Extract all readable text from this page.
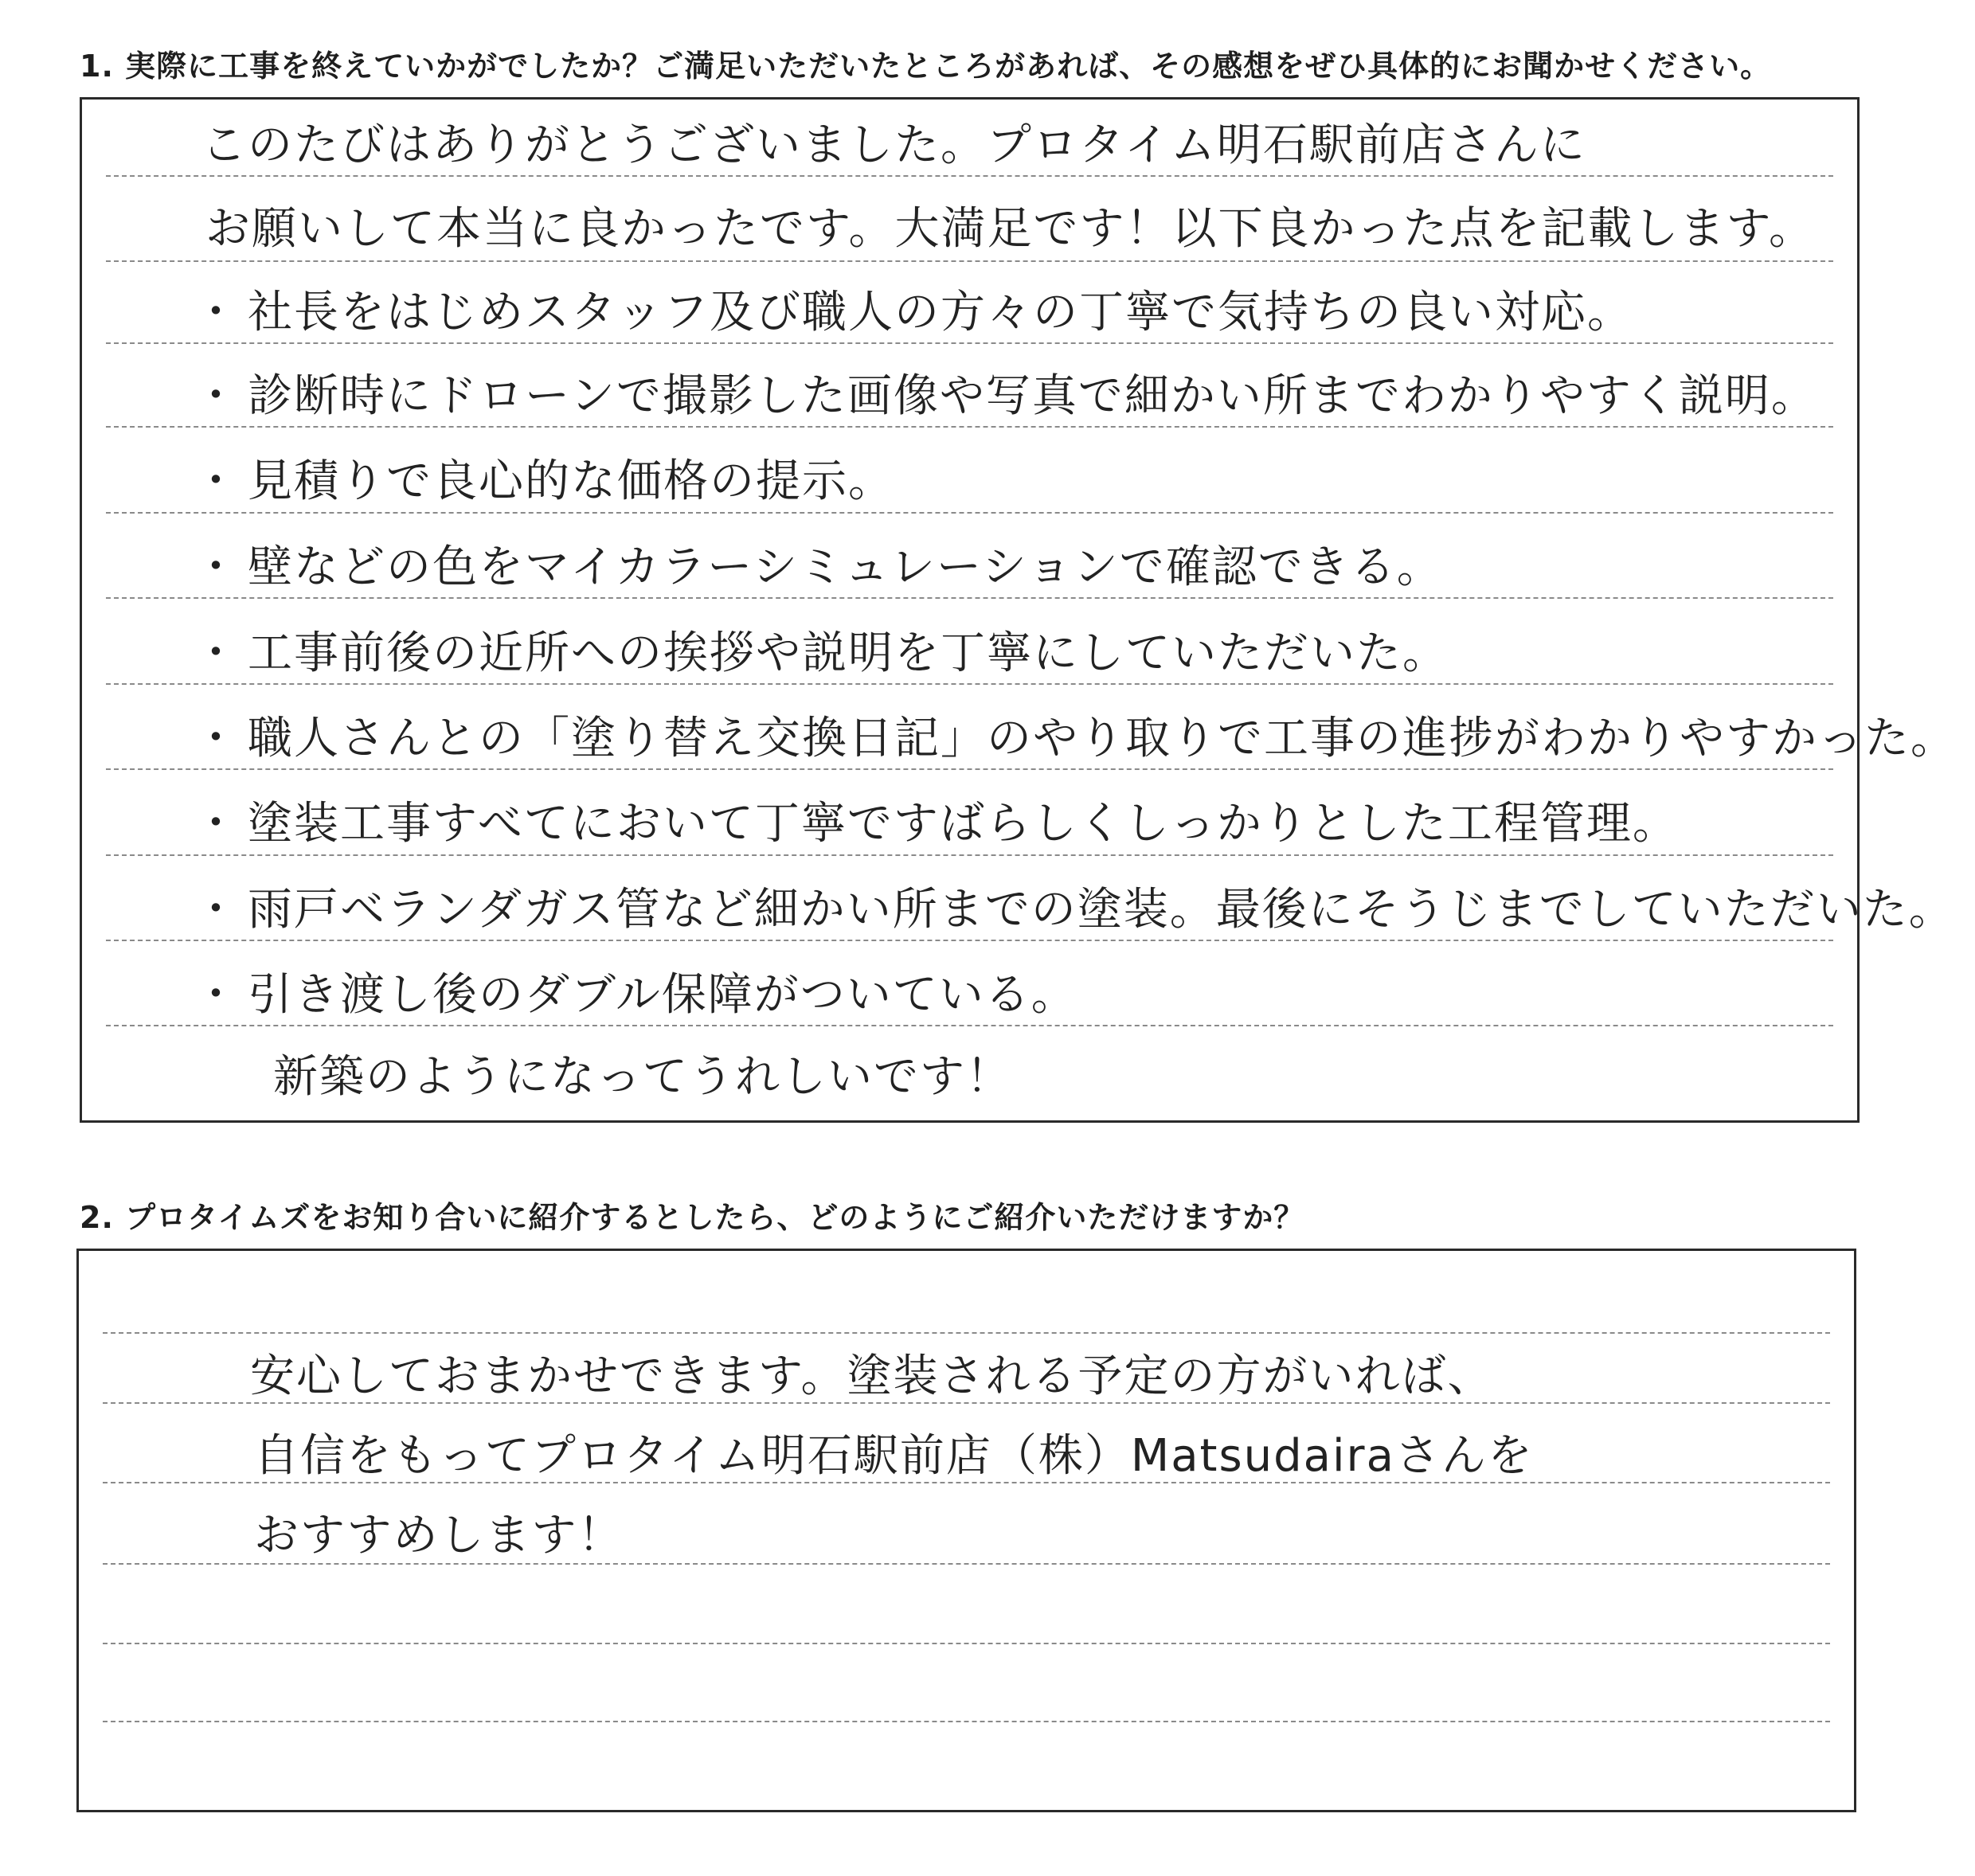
1. 実際に工事を終えていかがでしたか？ご満足いただいたところがあれば、その感想をぜひ具体的にお聞かせください。
このたびはありがとうございました。プロタイム明石駅前店さんに
お願いして本当に良かったです。大満足です！以下良かった点を記載します。
・ 社長をはじめスタッフ及び職人の方々の丁寧で気持ちの良い対応。
・ 診断時にドローンで撮影した画像や写真で細かい所までわかりやすく説明。
・ 見積りで良心的な価格の提示。
・ 壁などの色をマイカラーシミュレーションで確認できる。
・ 工事前後の近所への挨拶や説明を丁寧にしていただいた。
・ 職人さんとの「塗り替え交換日記」のやり取りで工事の進捗がわかりやすかった。
・ 塗装工事すべてにおいて丁寧ですばらしくしっかりとした工程管理。
・ 雨戸ベランダガス管など細かい所までの塗装。最後にそうじまでしていただいた。
・ 引き渡し後のダブル保障がついている。
新築のようになってうれしいです！
2. プロタイムズをお知り合いに紹介するとしたら、どのようにご紹介いただけますか？
安心しておまかせできます。塗装される予定の方がいれば、
自信をもってプロタイム明石駅前店（株）Matsudairaさんを
おすすめします！
